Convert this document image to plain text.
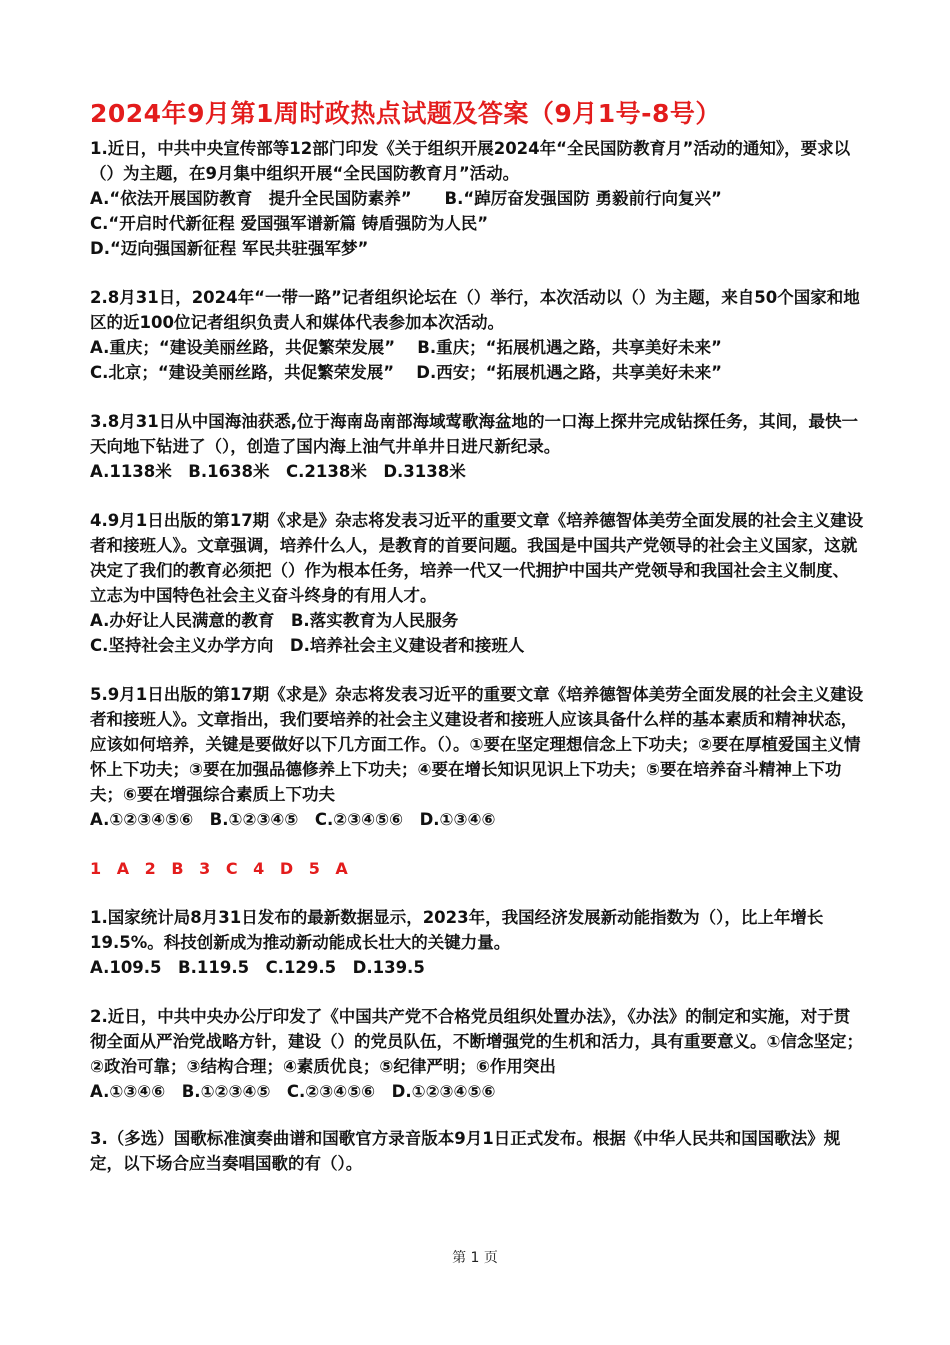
2024年9月第1周时政热点试题及答案（9月1号-8号）

1.近日，中共中央宣传部等12部门印发《关于组织开展2024年“全民国防教育月”活动的通知》，要求以（）为主题，在9月集中组织开展“全民国防教育月”活动。

A.“依法开展国防教育　提升全民国防素养”　　B.“踔厉奋发强国防 勇毅前行向复兴”

C.“开启时代新征程 爱国强军谱新篇 铸盾强防为人民”

D.“迈向强国新征程 军民共驻强军梦”

2.8月31日，2024年“一带一路”记者组织论坛在（）举行，本次活动以（）为主题，来自50个国家和地区的近100位记者组织负责人和媒体代表参加本次活动。

A.重庆；“建设美丽丝路，共促繁荣发展”　 B.重庆；“拓展机遇之路，共享美好未来”

C.北京；“建设美丽丝路，共促繁荣发展”　 D.西安；“拓展机遇之路，共享美好未来”

3.8月31日从中国海油获悉,位于海南岛南部海域莺歌海盆地的一口海上探井完成钻探任务，其间，最快一天向地下钻进了（），创造了国内海上油气井单井日进尺新纪录。

A.1138米　B.1638米　C.2138米　D.3138米

4.9月1日出版的第17期《求是》杂志将发表习近平的重要文章《培养德智体美劳全面发展的社会主义建设者和接班人》。文章强调，培养什么人，是教育的首要问题。我国是中国共产党领导的社会主义国家，这就决定了我们的教育必须把（）作为根本任务，培养一代又一代拥护中国共产党领导和我国社会主义制度、立志为中国特色社会主义奋斗终身的有用人才。

A.办好让人民满意的教育　B.落实教育为人民服务

C.坚持社会主义办学方向　D.培养社会主义建设者和接班人

5.9月1日出版的第17期《求是》杂志将发表习近平的重要文章《培养德智体美劳全面发展的社会主义建设者和接班人》。文章指出，我们要培养的社会主义建设者和接班人应该具备什么样的基本素质和精神状态，应该如何培养，关键是要做好以下几方面工作。（）。①要在坚定理想信念上下功夫；②要在厚植爱国主义情怀上下功夫；③要在加强品德修养上下功夫；④要在增长知识见识上下功夫；⑤要在培养奋斗精神上下功夫；⑥要在增强综合素质上下功夫

A.①②③④⑤⑥　B.①②③④⑤　C.②③④⑤⑥　D.①③④⑥

1 A 2 B 3 C 4 D 5 A

1.国家统计局8月31日发布的最新数据显示，2023年，我国经济发展新动能指数为（），比上年增长19.5%。科技创新成为推动新动能成长壮大的关键力量。

A.109.5　B.119.5　C.129.5　D.139.5

2.近日，中共中央办公厅印发了《中国共产党不合格党员组织处置办法》，《办法》的制定和实施，对于贯彻全面从严治党战略方针，建设（）的党员队伍，不断增强党的生机和活力，具有重要意义。①信念坚定；②政治可靠；③结构合理；④素质优良；⑤纪律严明；⑥作用突出

A.①③④⑥　B.①②③④⑤　C.②③④⑤⑥　D.①②③④⑤⑥

3.（多选）国歌标准演奏曲谱和国歌官方录音版本9月1日正式发布。根据《中华人民共和国国歌法》规定，以下场合应当奏唱国歌的有（）。

第 1 页
